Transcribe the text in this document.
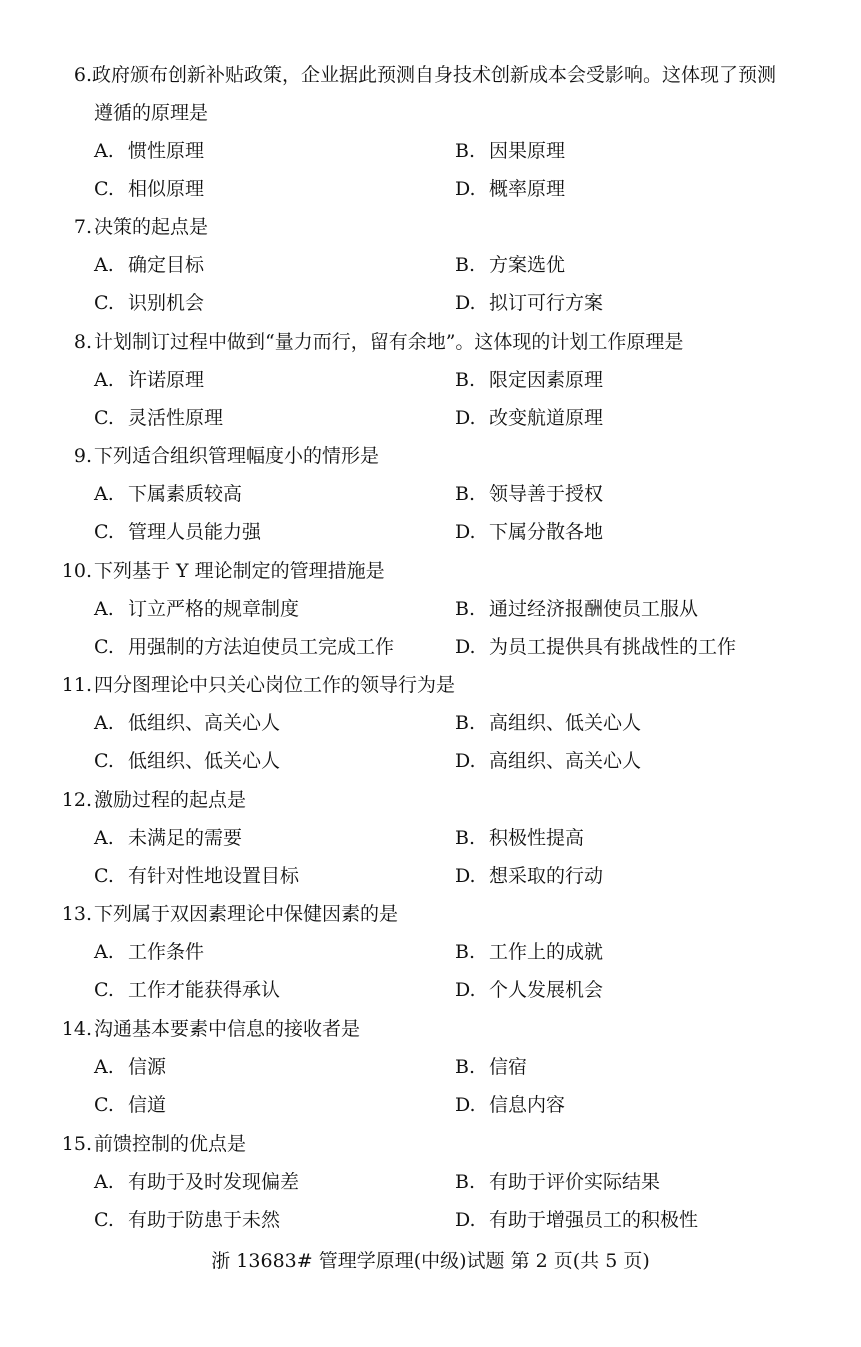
6. 政府颁布创新补贴政策，企业据此预测自身技术创新成本会受影响。这体现了预测
遵循的原理是
A. 惯性原理	B. 因果原理
C. 相似原理	D. 概率原理
7. 决策的起点是
A. 确定目标	B. 方案选优
C. 识别机会	D. 拟订可行方案
8. 计划制订过程中做到“量力而行，留有余地”。这体现的计划工作原理是
A. 许诺原理	B. 限定因素原理
C. 灵活性原理	D. 改变航道原理
9. 下列适合组织管理幅度小的情形是
A. 下属素质较高	B. 领导善于授权
C. 管理人员能力强	D. 下属分散各地
10. 下列基于 Y 理论制定的管理措施是
A. 订立严格的规章制度	B. 通过经济报酬使员工服从
C. 用强制的方法迫使员工完成工作	D. 为员工提供具有挑战性的工作
11. 四分图理论中只关心岗位工作的领导行为是
A. 低组织、高关心人	B. 高组织、低关心人
C. 低组织、低关心人	D. 高组织、高关心人
12. 激励过程的起点是
A. 未满足的需要	B. 积极性提高
C. 有针对性地设置目标	D. 想采取的行动
13. 下列属于双因素理论中保健因素的是
A. 工作条件	B. 工作上的成就
C. 工作才能获得承认	D. 个人发展机会
14. 沟通基本要素中信息的接收者是
A. 信源	B. 信宿
C. 信道	D. 信息内容
15. 前馈控制的优点是
A. 有助于及时发现偏差	B. 有助于评价实际结果
C. 有助于防患于未然	D. 有助于增强员工的积极性
浙 13683# 管理学原理(中级)试题 第 2 页(共 5 页)
